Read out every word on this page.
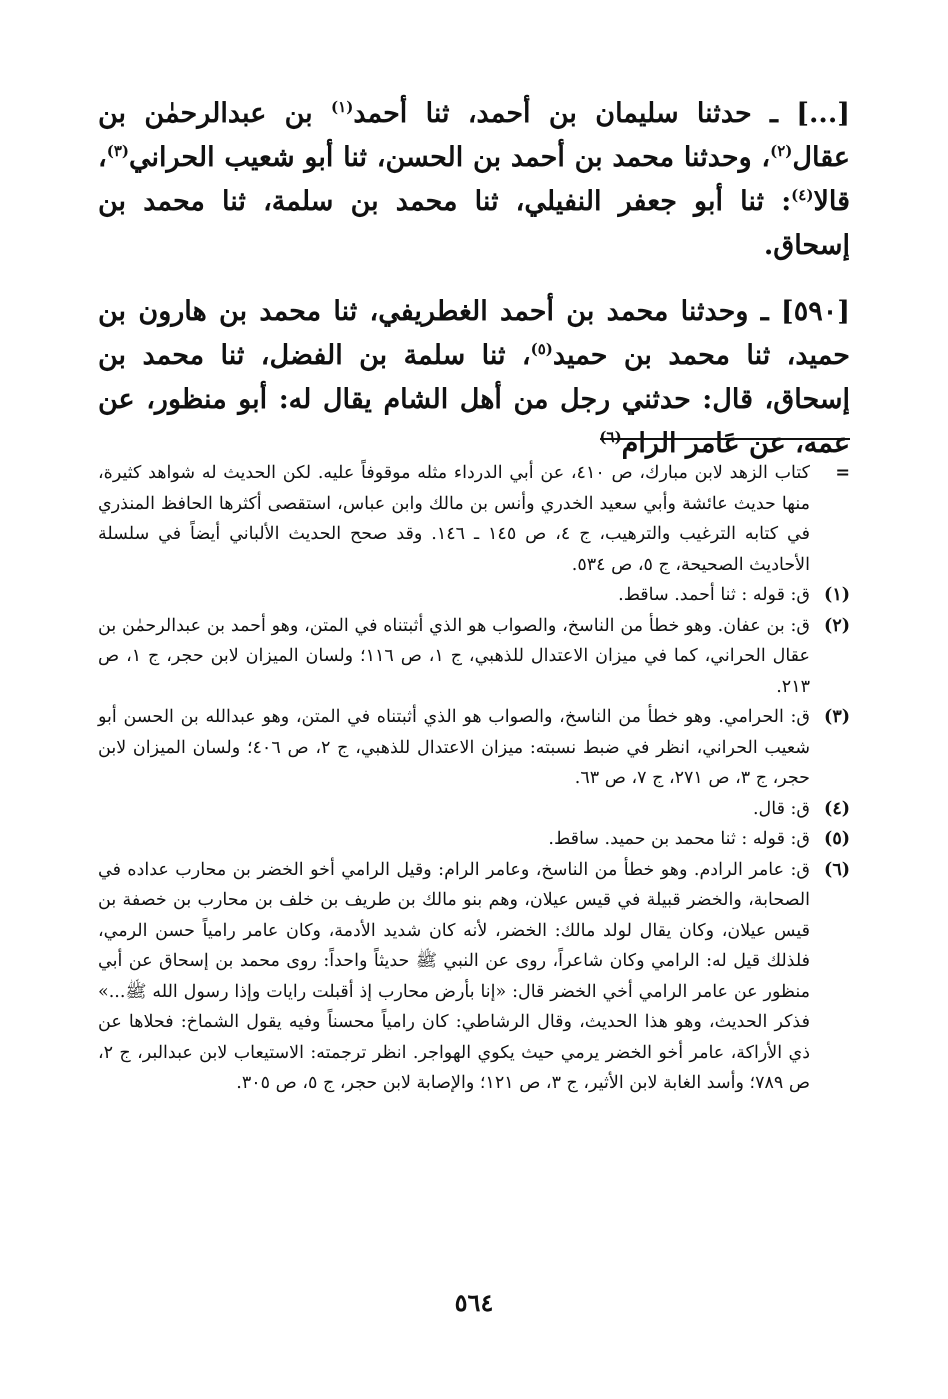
[...] ـ حدثنا سليمان بن أحمد، ثنا أحمد$^{(١)}$ بن عبدالرحمٰن بن عقال$^{(٢)}$، وحدثنا محمد بن أحمد بن الحسن، ثنا أبو شعيب الحراني$^{(٣)}$، قالا$^{(٤)}$: ثنا أبو جعفر النفيلي، ثنا محمد بن سلمة، ثنا محمد بن إسحاق.

[٥٩٠] ـ وحدثنا محمد بن أحمد الغطريفي، ثنا محمد بن هارون بن حميد، ثنا محمد بن حميد$^{(٥)}$، ثنا سلمة بن الفضل، ثنا محمد بن إسحاق، قال: حدثني رجل من أهل الشام يقال له: أبو منظور، عن عمه، عن عَامر الرام$^{(٦)}$

=
كتاب الزهد لابن مبارك، ص ٤١٠، عن أبي الدرداء مثله موقوفاً عليه. لكن الحديث له شواهد كثيرة، منها حديث عائشة وأبي سعيد الخدري وأنس بن مالك وابن عباس، استقصى أكثرها الحافظ المنذري في كتابه الترغيب والترهيب، ج ٤، ص ١٤٥ ـ ١٤٦. وقد صحح الحديث الألباني أيضاً في سلسلة الأحاديث الصحيحة، ج ٥، ص ٥٣٤.
(١)
ق: قوله : ثنا أحمد. ساقط.
(٢)
ق: بن عفان. وهو خطأ من الناسخ، والصواب هو الذي أثبتناه في المتن، وهو أحمد بن عبدالرحمٰن بن عقال الحراني، كما في ميزان الاعتدال للذهبي، ج ١، ص ١١٦؛ ولسان الميزان لابن حجر، ج ١، ص ٢١٣.
(٣)
ق: الحرامي. وهو خطأ من الناسخ، والصواب هو الذي أثبتناه في المتن، وهو عبدالله بن الحسن أبو شعيب الحراني، انظر في ضبط نسبته: ميزان الاعتدال للذهبي، ج ٢، ص ٤٠٦؛ ولسان الميزان لابن حجر، ج ٣، ص ٢٧١، ج ٧، ص ٦٣.
(٤)
ق: قال.
(٥)
ق: قوله : ثنا محمد بن حميد. ساقط.
(٦)
ق: عامر الرادم. وهو خطأ من الناسخ، وعامر الرام: وقيل الرامي أخو الخضر بن محارب عداده في الصحابة، والخضر قبيلة في قيس عيلان، وهم بنو مالك بن طريف بن خلف بن محارب بن خصفة بن قيس عيلان، وكان يقال لولد مالك: الخضر، لأنه كان شديد الأدمة، وكان عامر رامياً حسن الرمي، فلذلك قيل له: الرامي وكان شاعراً، روى عن النبي ﷺ حديثاً واحداً: روى محمد بن إسحاق عن أبي منظور عن عامر الرامي أخي الخضر قال: «إنا بأرض محارب إذ أقبلت رايات وإذا رسول الله ﷺ...» فذكر الحديث، وهو هذا الحديث، وقال الرشاطي: كان رامياً محسناً وفيه يقول الشماخ: فحلاها عن ذي الأراكة، عامر أخو الخضر يرمي حيث يكوي الهواجر. انظر ترجمته: الاستيعاب لابن عبدالبر، ج ٢، ص ٧٨٩؛ وأسد الغابة لابن الأثير، ج ٣، ص ١٢١؛ والإصابة لابن حجر، ج ٥، ص ٣٠٥.
٥٦٤
